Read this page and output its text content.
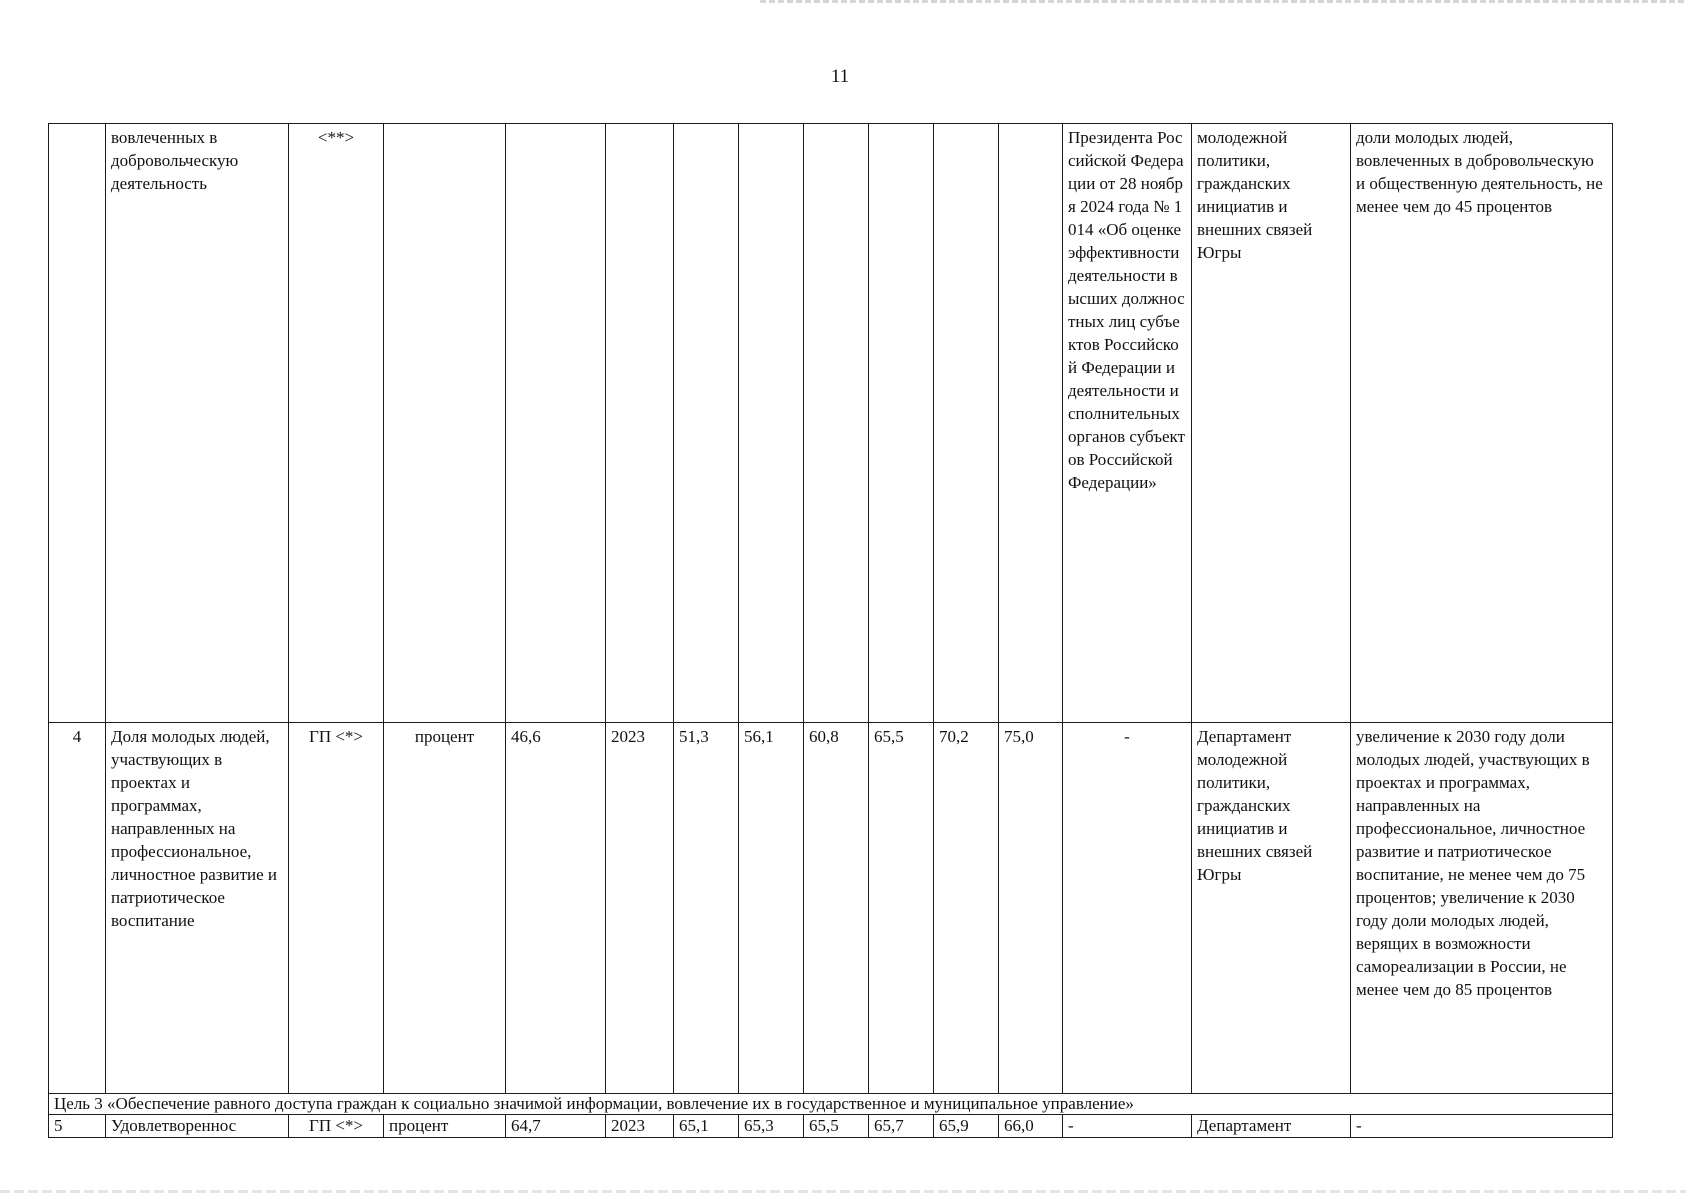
11
	вовлеченных в добровольческую деятельность	<**>										Президента Российской Федерации от 28 ноября 2024 года № 1014 «Об оценке эффективности деятельности высших должностных лиц субъектов Российской Федерации и деятельности исполнительных органов субъектов Российской Федерации»	молодежной политики, гражданских инициатив и внешних связей Югры	доли молодых людей, вовлеченных в добровольческую и общественную деятельность, не менее чем до 45 процентов
4	Доля молодых людей, участвующих в проектах и программах, направленных на профессиональное, личностное развитие и патриотическое воспитание	ГП <*>	процент	46,6	2023	51,3	56,1	60,8	65,5	70,2	75,0	-	Департамент молодежной политики, гражданских инициатив и внешних связей Югры	увеличение к 2030 году доли молодых людей, участвующих в проектах и программах, направленных на профессиональное, личностное развитие и патриотическое воспитание, не менее чем до 75 процентов; увеличение к 2030 году доли молодых людей, верящих в возможности самореализации в России, не менее чем до 85 процентов
Цель 3 «Обеспечение равного доступа граждан к социально значимой информации, вовлечение их в государственное и муниципальное управление»														
5	Удовлетвореннос	ГП <*>	процент	64,7	2023	65,1	65,3	65,5	65,7	65,9	66,0	-	Департамент	-
